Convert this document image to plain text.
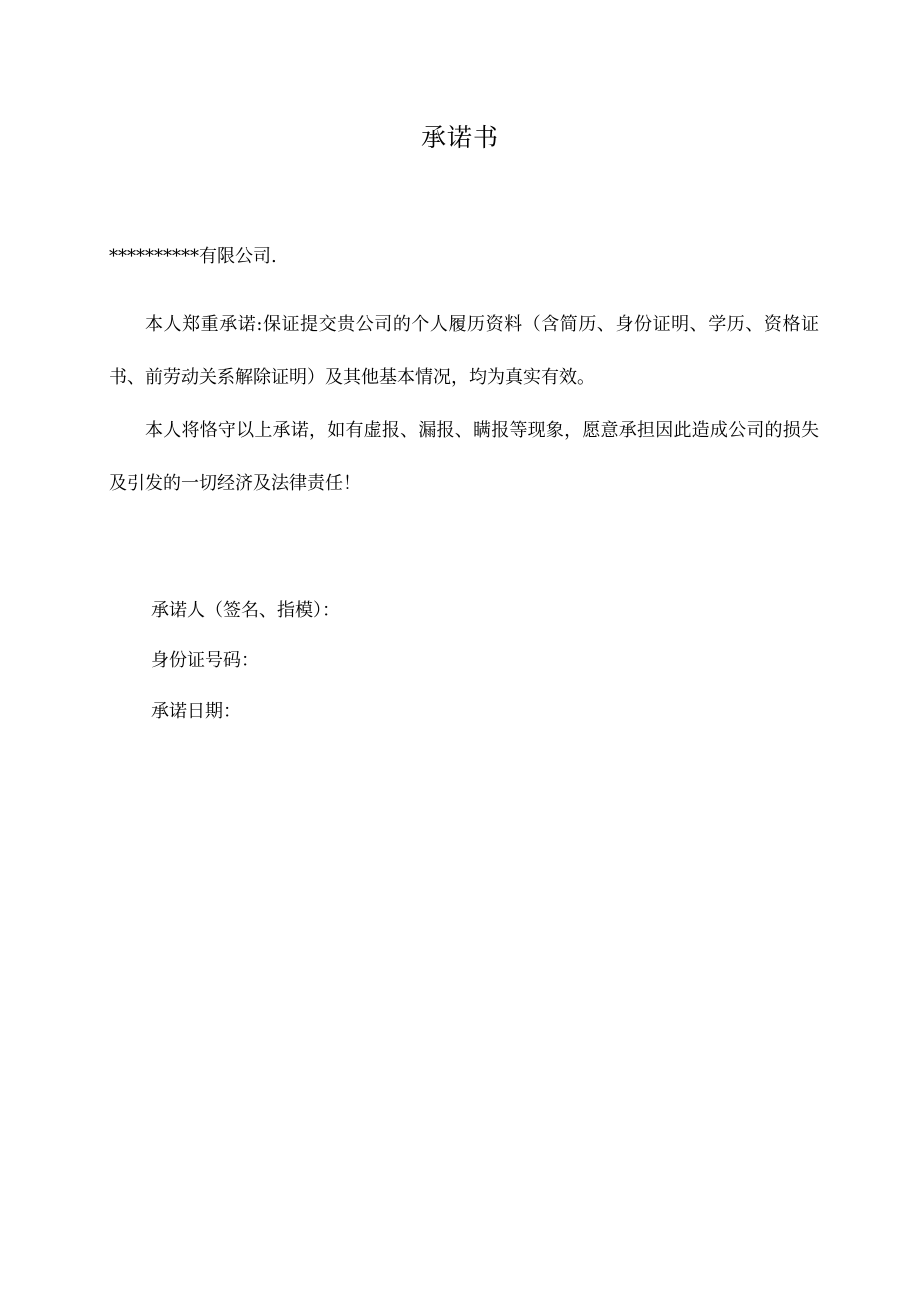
承诺书
**********有限公司.

本人郑重承诺:保证提交贵公司的个人履历资料（含简历、身份证明、学历、资格证书、前劳动关系解除证明）及其他基本情况，均为真实有效。

本人将恪守以上承诺，如有虚报、漏报、瞒报等现象，愿意承担因此造成公司的损失及引发的一切经济及法律责任！

承诺人（签名、指模）：
身份证号码：
承诺日期：
